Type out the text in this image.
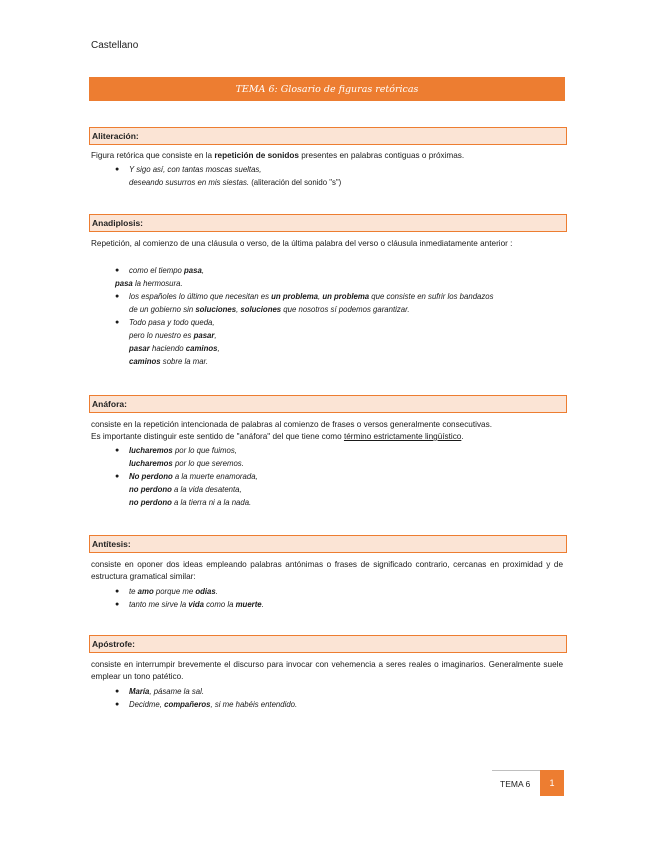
Castellano
TEMA 6: Glosario de figuras retóricas
Aliteración:
Figura retórica que consiste en la repetición de sonidos presentes en palabras contiguas o próximas.
● Y sigo así, con tantas moscas sueltas,
deseando susurros en mis siestas. (aliteración del sonido "s")
Anadiplosis:
Repetición, al comienzo de una cláusula o verso, de la última palabra del verso o cláusula inmediatamente anterior :
● como el tiempo pasa,
pasa la hermosura.
● los españoles lo último que necesitan es un problema, un problema que consiste en sufrir los bandazos
de un gobierno sin soluciones, soluciones que nosotros sí podemos garantizar.
● Todo pasa y todo queda,
pero lo nuestro es pasar,
pasar haciendo caminos,
caminos sobre la mar.
Anáfora:
consiste en la repetición intencionada de palabras al comienzo de frases o versos generalmente consecutivas.
Es importante distinguir este sentido de "anáfora" del que tiene como término estrictamente lingüístico.
● lucharemos por lo que fuimos,
lucharemos por lo que seremos.
● No perdono a la muerte enamorada,
no perdono a la vida desatenta,
no perdono a la tierra ni a la nada.
Antítesis:
consiste en oponer dos ideas empleando palabras antónimas o frases de significado contrario, cercanas en proximidad y de estructura gramatical similar:
● te amo porque me odias.
● tanto me sirve la vida como la muerte.
Apóstrofe:
consiste en interrumpir brevemente el discurso para invocar con vehemencia a seres reales o imaginarios. Generalmente suele emplear un tono patético.
● María, pásame la sal.
● Decidme, compañeros, si me habéis entendido.
TEMA 6	1
